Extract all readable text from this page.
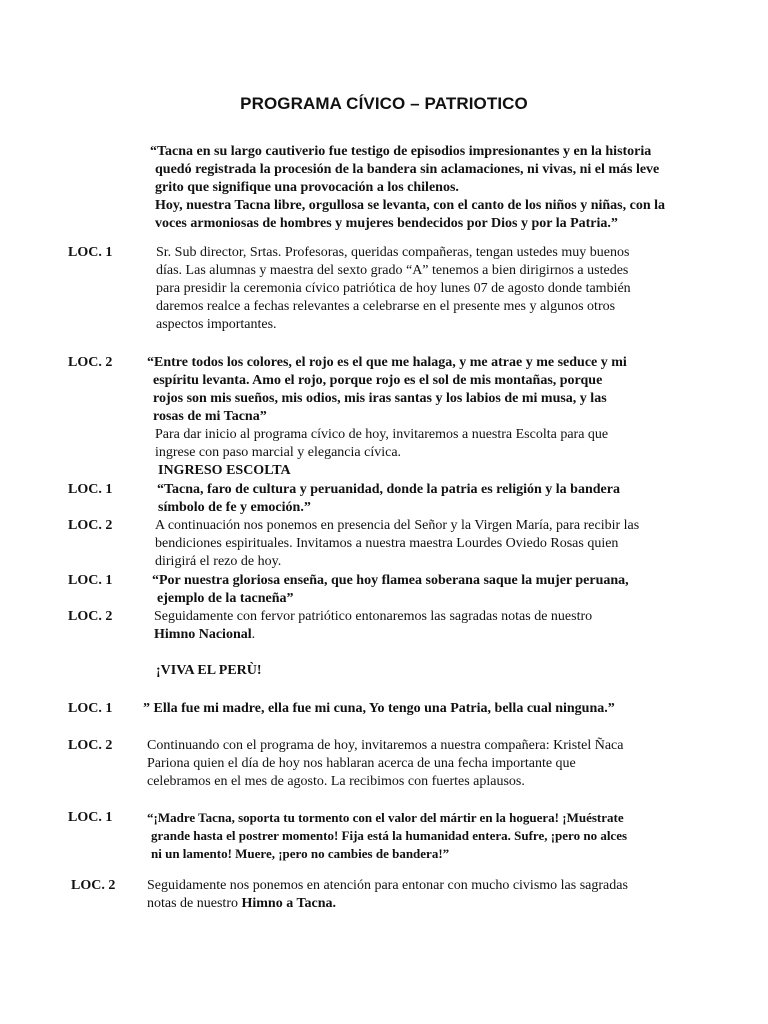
PROGRAMA CÍVICO – PATRIOTICO
“Tacna en su largo cautiverio fue testigo de episodios impresionantes y en la historia
quedó registrada la procesión de la bandera sin aclamaciones, ni vivas, ni el más leve
grito que signifique una provocación a los chilenos.
Hoy, nuestra Tacna libre, orgullosa se levanta, con el canto de los niños y niñas, con la
voces armoniosas de hombres y mujeres bendecidos por Dios y por la Patria.”
LOC. 1	Sr. Sub director, Srtas. Profesoras, queridas compañeras, tengan ustedes muy buenos
días. Las alumnas y maestra del sexto grado “A” tenemos a bien dirigirnos a ustedes
para presidir la ceremonia cívico patriótica de hoy lunes 07 de agosto donde también
daremos realce a fechas relevantes a celebrarse en el presente mes y algunos otros
aspectos importantes.
LOC. 2 “Entre todos los colores, el rojo es el que me halaga, y me atrae y me seduce y mi
espíritu levanta. Amo el rojo, porque rojo es el sol de mis montañas, porque
rojos son mis sueños, mis odios, mis iras santas y los labios de mi musa, y las
rosas de mi Tacna”
Para dar inicio al programa cívico de hoy, invitaremos a nuestra Escolta para que
ingrese con paso marcial y elegancia cívica.
INGRESO ESCOLTA
LOC. 1	“Tacna, faro de cultura y peruanidad, donde la patria es religión y la bandera
símbolo de fe y emoción.”
LOC. 2	A continuación nos ponemos en presencia del Señor y la Virgen María, para recibir las
bendiciones espirituales. Invitamos a nuestra maestra Lourdes Oviedo Rosas quien
dirigirá el rezo de hoy.
LOC. 1	“Por nuestra gloriosa enseña, que hoy flamea soberana saque la mujer peruana,
ejemplo de la tacneña”
LOC. 2	Seguidamente con fervor patriótico entonaremos las sagradas notas de nuestro
Himno Nacional.
¡VIVA EL PERÙ!
LOC. 1 ” Ella fue mi madre, ella fue mi cuna, Yo tengo una Patria, bella cual ninguna.”
LOC. 2 Continuando con el programa de hoy, invitaremos a nuestra compañera: Kristel Ñaca
Pariona quien el día de hoy nos hablaran acerca de una fecha importante que
celebramos en el mes de agosto. La recibimos con fuertes aplausos.
LOC. 1	“¡Madre Tacna, soporta tu tormento con el valor del mártir en la hoguera! ¡Muéstrate
grande hasta el postrer momento! Fija está la humanidad entera. Sufre, ¡pero no alces
ni un lamento! Muere, ¡pero no cambies de bandera!”
LOC. 2 Seguidamente nos ponemos en atención para entonar con mucho civismo las sagradas
notas de nuestro Himno a Tacna.
